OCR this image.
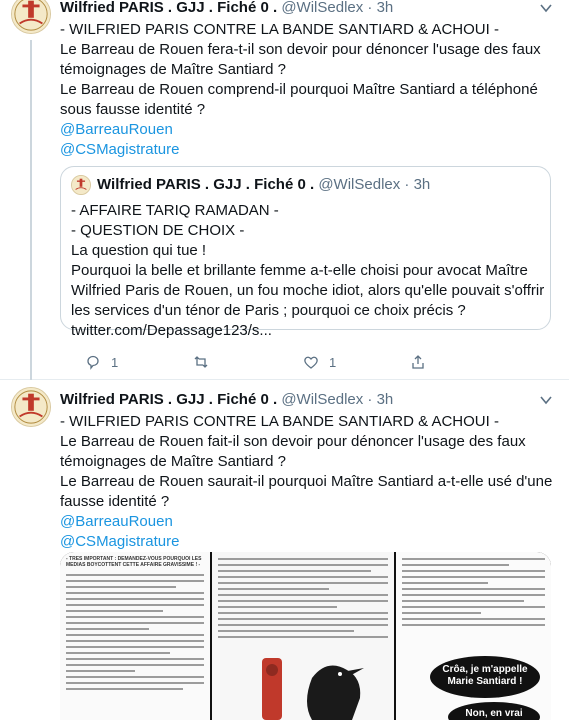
Wilfried PARIS . GJJ . Fiché 0 . @WilSedlex · 3h
- WILFRIED PARIS CONTRE LA BANDE SANTIARD & ACHOUI -
Le Barreau de Rouen fera-t-il son devoir pour dénoncer l'usage des faux
témoignages de Maître Santiard ?
Le Barreau de Rouen comprend-il pourquoi Maître Santiard a téléphoné
sous fausse identité ?
@BarreauRouen
@CSMagistrature
Wilfried PARIS . GJJ . Fiché 0 . @WilSedlex · 3h
- AFFAIRE TARIQ RAMADAN -
- QUESTION DE CHOIX -
La question qui tue !
Pourquoi la belle et brillante femme a-t-elle choisi pour avocat Maître
Wilfried Paris de Rouen, un fou moche idiot, alors qu'elle pouvait s'offrir
les services d'un ténor de Paris ; pourquoi ce choix précis ?
twitter.com/Depassage123/s...
1	1
Wilfried PARIS . GJJ . Fiché 0 . @WilSedlex · 3h
- WILFRIED PARIS CONTRE LA BANDE SANTIARD & ACHOUI -
Le Barreau de Rouen fait-il son devoir pour dénoncer l'usage des faux
témoignages de Maître Santiard ?
Le Barreau de Rouen saurait-il pourquoi Maître Santiard a-t-elle usé d'une
fausse identité ?
@BarreauRouen
@CSMagistrature
- TRES IMPORTANT : DEMANDEZ-VOUS POURQUOI LES MEDIAS BOYCOTTENT CETTE AFFAIRE GRAVISSIME ! -
Crôa, je m'appelle Marie Santiard !
Non, en vrai
